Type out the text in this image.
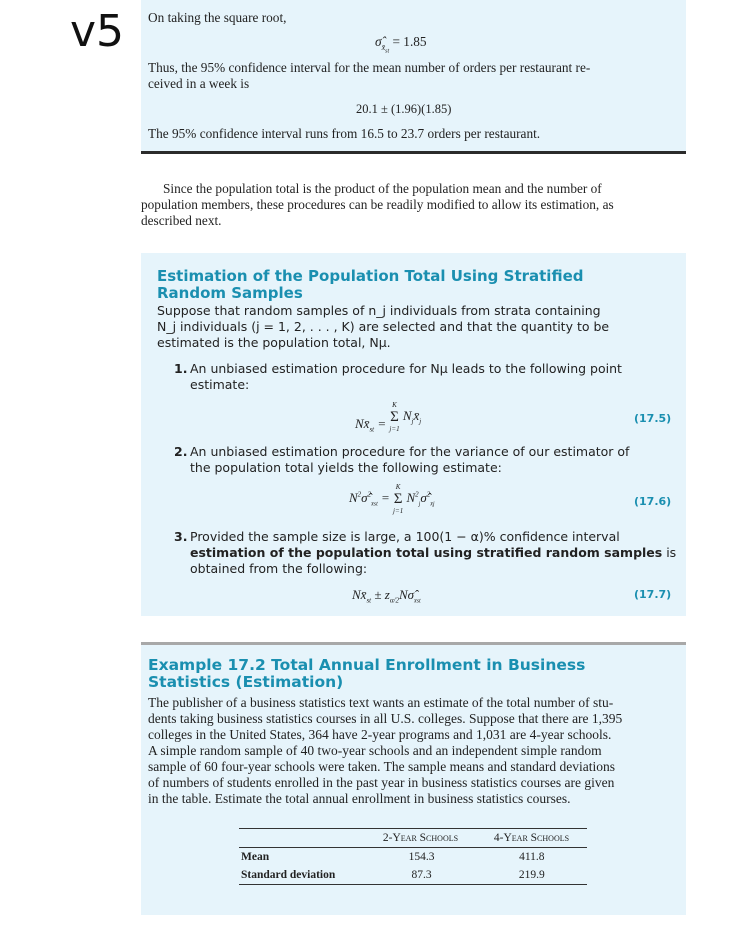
v5 On taking the square root,
$\sigmâ_{x̄_{st}} = 1.85$
Thus, the 95% confidence interval for the mean number of orders per restaurant re-
ceived in a week is
20.1 ± (1.96)(1.85)
The 95% confidence interval runs from 16.5 to 23.7 orders per restaurant.
Since the population total is the product of the population mean and the number of
population members, these procedures can be readily modified to allow its estimation, as
described next.
Estimation of the Population Total Using Stratified
Random Samples
Suppose that random samples of n_j individuals from strata containing
N_j individuals (j = 1, 2, . . . , K) are selected and that the quantity to be
estimated is the population total, Nμ.
1. An unbiased estimation procedure for Nμ leads to the following point
estimate:
$Nx̄_{st}$ =
K
Σ
j=1
$N_jx̄_j$	(17.5)
2. An unbiased estimation procedure for the variance of our estimator of
the population total yields the following estimate:
$N^2\sigmâ^2_{x̄st}$ =
K
Σ
j=1
$N^2_j\sigmâ^2_{x̄j}$	(17.6)
3. Provided the sample size is large, a 100(1 − α)% confidence interval
estimation of the population total using stratified random samples is
obtained from the following:
$Nx̄_{st}$ ± $z_{\alpha/2}N\sigmâ_{x̄st}$
(17.7)
Example 17.2 Total Annual Enrollment in Business
Statistics (Estimation)
The publisher of a business statistics text wants an estimate of the total number of stu-
dents taking business statistics courses in all U.S. colleges. Suppose that there are 1,395
colleges in the United States, 364 have 2-year programs and 1,031 are 4-year schools.
A simple random sample of 40 two-year schools and an independent simple random
sample of 60 four-year schools were taken. The sample means and standard deviations
of numbers of students enrolled in the past year in business statistics courses are given
in the table. Estimate the total annual enrollment in business statistics courses.
	2-Year Schools	4-Year Schools
Mean	154.3	411.8
Standard deviation	87.3	219.9
